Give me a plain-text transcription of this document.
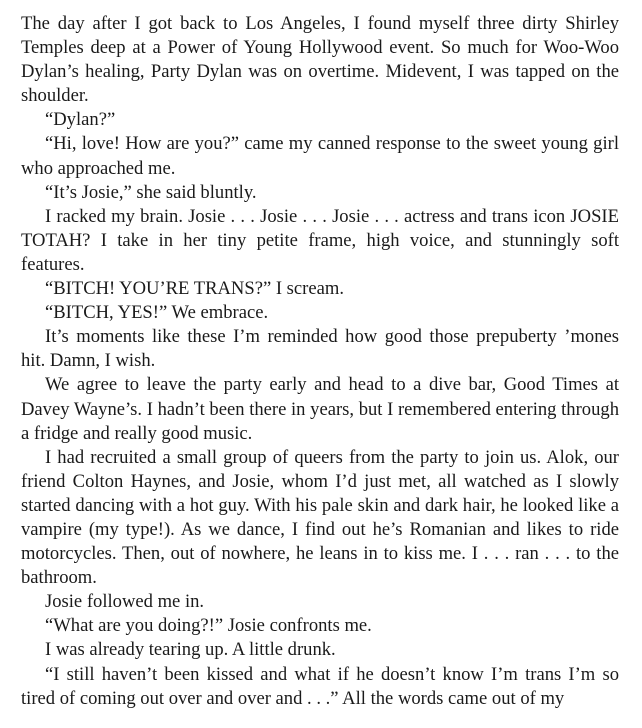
The day after I got back to Los Angeles, I found myself three dirty Shirley Temples deep at a Power of Young Hollywood event. So much for Woo-Woo Dylan’s healing, Party Dylan was on overtime. Midevent, I was tapped on the shoulder.

“Dylan?”

“Hi, love! How are you?” came my canned response to the sweet young girl who approached me.

“It’s Josie,” she said bluntly.

I racked my brain. Josie . . . Josie . . . Josie . . . actress and trans icon JOSIE TOTAH? I take in her tiny petite frame, high voice, and stunningly soft features.

“BITCH! YOU’RE TRANS?” I scream.

“BITCH, YES!” We embrace.

It’s moments like these I’m reminded how good those prepuberty ’mones hit. Damn, I wish.

We agree to leave the party early and head to a dive bar, Good Times at Davey Wayne’s. I hadn’t been there in years, but I remembered entering through a fridge and really good music.

I had recruited a small group of queers from the party to join us. Alok, our friend Colton Haynes, and Josie, whom I’d just met, all watched as I slowly started dancing with a hot guy. With his pale skin and dark hair, he looked like a vampire (my type!). As we dance, I find out he’s Romanian and likes to ride motorcycles. Then, out of nowhere, he leans in to kiss me. I . . . ran . . . to the bathroom.

Josie followed me in.

“What are you doing?!” Josie confronts me.

I was already tearing up. A little drunk.

“I still haven’t been kissed and what if he doesn’t know I’m trans I’m so tired of coming out over and over and . . .” All the words came out of my
